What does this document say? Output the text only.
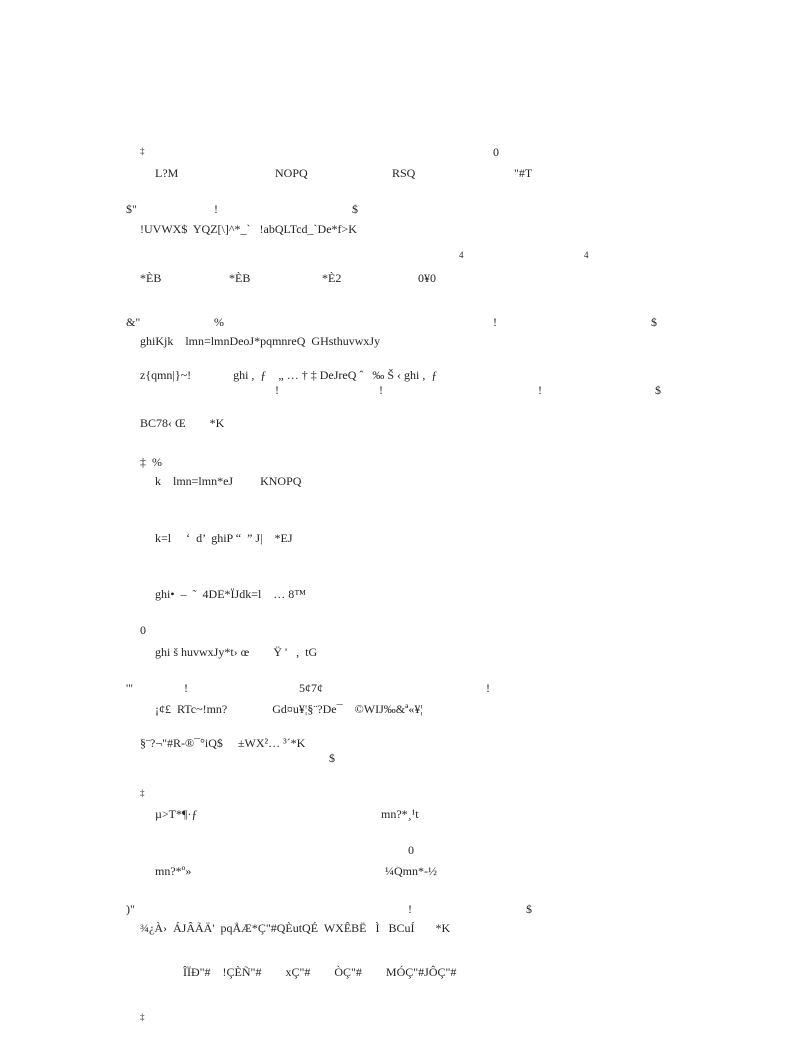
‡	0
L?M	NOPQ	RSQ	"#T
$"	!	$
!UVWX$  YQZ[\]^*_`   !abQLTcd_`De*f>K
4	4
*ÈB	*ÈB	*È2	0¥0
&"	%	!	$
ghiKjk    lmn=lmnDeoJ*pqmnreQ  GHsthuvwxJy
z{qmn|}~!              ghi ,  ƒ    „ … † ‡ DeJreQ ˆ   ‰ Š ‹ ghi ,  ƒ
!	!	!	$
BC78‹ Œ        *K
‡  %
k    lmn=lmn*eJ         KNOPQ
k=l     ‘  d’  ghiP “  ” J|    *EJ
ghi•  –  ˜  4DE*ÏJdk=l    … 8™
0
ghi š huvwxJy*t› œ        Ÿ '   ,  tG
'"	!	5¢7¢	!
¡¢£  RTc~!mn?               Gd¤u¥¦§¨?De¯    ©WIJ‰&ª«¥¦
§¨?¬"#R-®¯°iQ$     ±WX²… ³´*K
$
‡
µ>T*¶·ƒ	mn?*¸¹t
0
mn?*º»	¼Qmn*-½
)"	!	$
¾¿À›  ÁJÂÃÄ'  pqÅÆ*Ç"#QÈutQÉ  WXÊBË   Ì   BCuÍ       *K
ÎÏÐ"#    !ÇÈÑ"#        xÇ"#        ÒÇ"#        MÓÇ"#JÔÇ"#
‡
